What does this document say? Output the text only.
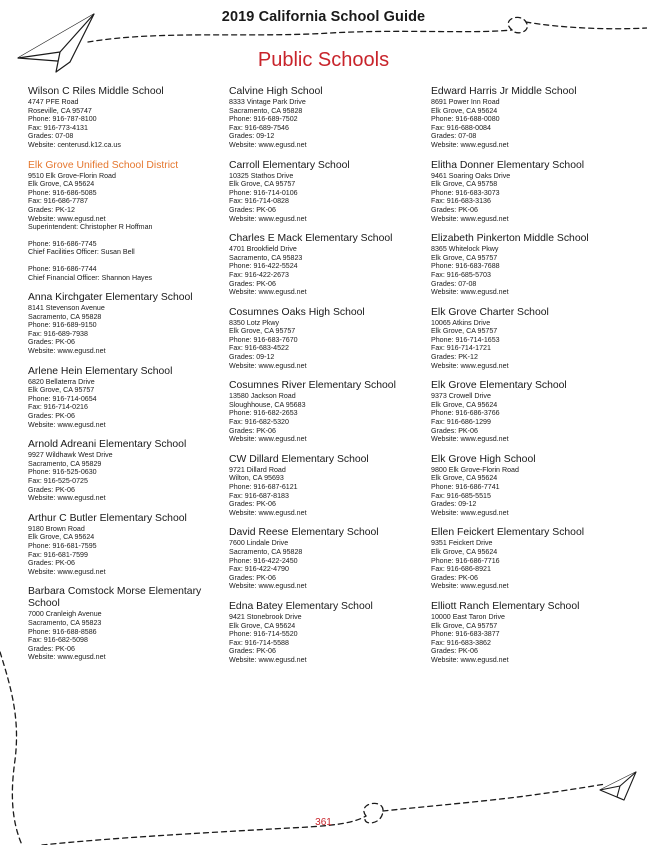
2019 California School Guide
Public Schools
Wilson C Riles Middle School
4747 PFE Road
Roseville, CA 95747
Phone: 916-787-8100
Fax: 916-773-4131
Grades: 07-08
Website: centerusd.k12.ca.us
Elk Grove Unified School District
9510 Elk Grove-Florin Road
Elk Grove, CA 95624
Phone: 916-686-5085
Fax: 916-686-7787
Grades: PK-12
Website: www.egusd.net
Superintendent: Christopher R Hoffman
Phone: 916-686-7745
Chief Facilities Officer: Susan Bell
Phone: 916-686-7744
Chief Financial Officer: Shannon Hayes
Anna Kirchgater Elementary School
8141 Stevenson Avenue
Sacramento, CA 95828
Phone: 916-689-9150
Fax: 916-689-7938
Grades: PK-06
Website: www.egusd.net
Arlene Hein Elementary School
6820 Bellaterra Drive
Elk Grove, CA 95757
Phone: 916-714-0654
Fax: 916-714-0216
Grades: PK-06
Website: www.egusd.net
Arnold Adreani Elementary School
9927 Wildhawk West Drive
Sacramento, CA 95829
Phone: 916-525-0630
Fax: 916-525-0725
Grades: PK-06
Website: www.egusd.net
Arthur C Butler Elementary School
9180 Brown Road
Elk Grove, CA 95624
Phone: 916-681-7595
Fax: 916-681-7599
Grades: PK-06
Website: www.egusd.net
Barbara Comstock Morse Elementary School
7000 Cranleigh Avenue
Sacramento, CA 95823
Phone: 916-688-8586
Fax: 916-682-5098
Grades: PK-06
Website: www.egusd.net
Calvine High School
8333 Vintage Park Drive
Sacramento, CA 95828
Phone: 916-689-7502
Fax: 916-689-7546
Grades: 09-12
Website: www.egusd.net
Carroll Elementary School
10325 Stathos Drive
Elk Grove, CA 95757
Phone: 916-714-0106
Fax: 916-714-0828
Grades: PK-06
Website: www.egusd.net
Charles E Mack Elementary School
4701 Brookfield Drive
Sacramento, CA 95823
Phone: 916-422-5524
Fax: 916-422-2673
Grades: PK-06
Website: www.egusd.net
Cosumnes Oaks High School
8350 Lotz Pkwy
Elk Grove, CA 95757
Phone: 916-683-7670
Fax: 916-683-4522
Grades: 09-12
Website: www.egusd.net
Cosumnes River Elementary School
13580 Jackson Road
Sloughhouse, CA 95683
Phone: 916-682-2653
Fax: 916-682-5320
Grades: PK-06
Website: www.egusd.net
CW Dillard Elementary School
9721 Dillard Road
Wilton, CA 95693
Phone: 916-687-6121
Fax: 916-687-8183
Grades: PK-06
Website: www.egusd.net
David Reese Elementary School
7600 Lindale Drive
Sacramento, CA 95828
Phone: 916-422-2450
Fax: 916-422-4790
Grades: PK-06
Website: www.egusd.net
Edna Batey Elementary School
9421 Stonebrook Drive
Elk Grove, CA 95624
Phone: 916-714-5520
Fax: 916-714-5588
Grades: PK-06
Website: www.egusd.net
Edward Harris Jr Middle School
8691 Power Inn Road
Elk Grove, CA 95624
Phone: 916-688-0080
Fax: 916-688-0084
Grades: 07-08
Website: www.egusd.net
Elitha Donner Elementary School
9461 Soaring Oaks Drive
Elk Grove, CA 95758
Phone: 916-683-3073
Fax: 916-683-3136
Grades: PK-06
Website: www.egusd.net
Elizabeth Pinkerton Middle School
8365 Whitelock Pkwy
Elk Grove, CA 95757
Phone: 916-683-7688
Fax: 916-685-5703
Grades: 07-08
Website: www.egusd.net
Elk Grove Charter School
10065 Atkins Drive
Elk Grove, CA 95757
Phone: 916-714-1653
Fax: 916-714-1721
Grades: PK-12
Website: www.egusd.net
Elk Grove Elementary School
9373 Crowell Drive
Elk Grove, CA 95624
Phone: 916-686-3766
Fax: 916-686-1299
Grades: PK-06
Website: www.egusd.net
Elk Grove High School
9800 Elk Grove-Florin Road
Elk Grove, CA 95624
Phone: 916-686-7741
Fax: 916-685-5515
Grades: 09-12
Website: www.egusd.net
Ellen Feickert Elementary School
9351 Feickert Drive
Elk Grove, CA 95624
Phone: 916-686-7716
Fax: 916-686-8921
Grades: PK-06
Website: www.egusd.net
Elliott Ranch Elementary School
10000 East Taron Drive
Elk Grove, CA 95757
Phone: 916-683-3877
Fax: 916-683-3862
Grades: PK-06
Website: www.egusd.net
361
